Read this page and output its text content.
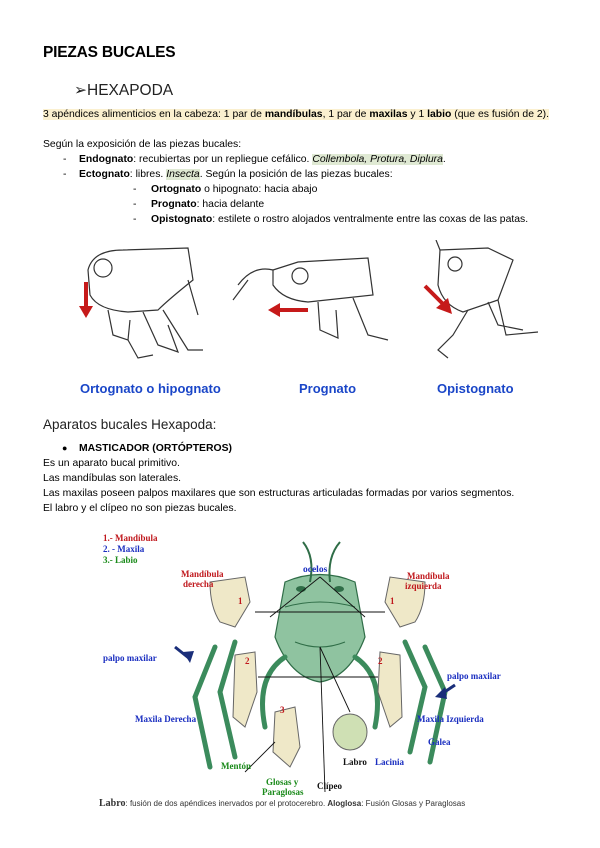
PIEZAS BUCALES
➢HEXAPODA
3 apéndices alimenticios en la cabeza: 1 par de mandíbulas, 1 par de maxilas y 1 labio (que es fusión de 2).
Según la exposición de las piezas bucales:
- Endognato: recubiertas por un repliegue cefálico. Collembola, Protura, Diplura.
- Ectognato: libres. Insecta. Según la posición de las piezas bucales:
- Ortognato o hipognato: hacia abajo
- Prognato: hacia delante
- Opistognato: estilete o rostro alojados ventralmente entre las coxas de las patas.
Ortognato o hipognato	Prognato	Opistognato
Aparatos bucales Hexapoda:
● MASTICADOR (ORTÓPTEROS)
Es un aparato bucal primitivo.
Las mandíbulas son laterales.
Las maxilas poseen palpos maxilares que son estructuras articuladas formadas por varios segmentos.
El labro y el clípeo no son piezas bucales.
1.- Mandíbula
2. - Maxila
3.- Labio
Mandíbula
derecha
ocelos
Mandíbula
izquierda
palpo maxilar
palpo maxilar
Maxila Derecha	Maxila Izquierda
Galea
Labro Lacinia
Mentón
Glosas y
Paraglosas
Clípeo
1	1
2	2
3
Labro: fusión de dos apéndices inervados por el protocerebro. Aloglosa: Fusión Glosas y Paraglosas
